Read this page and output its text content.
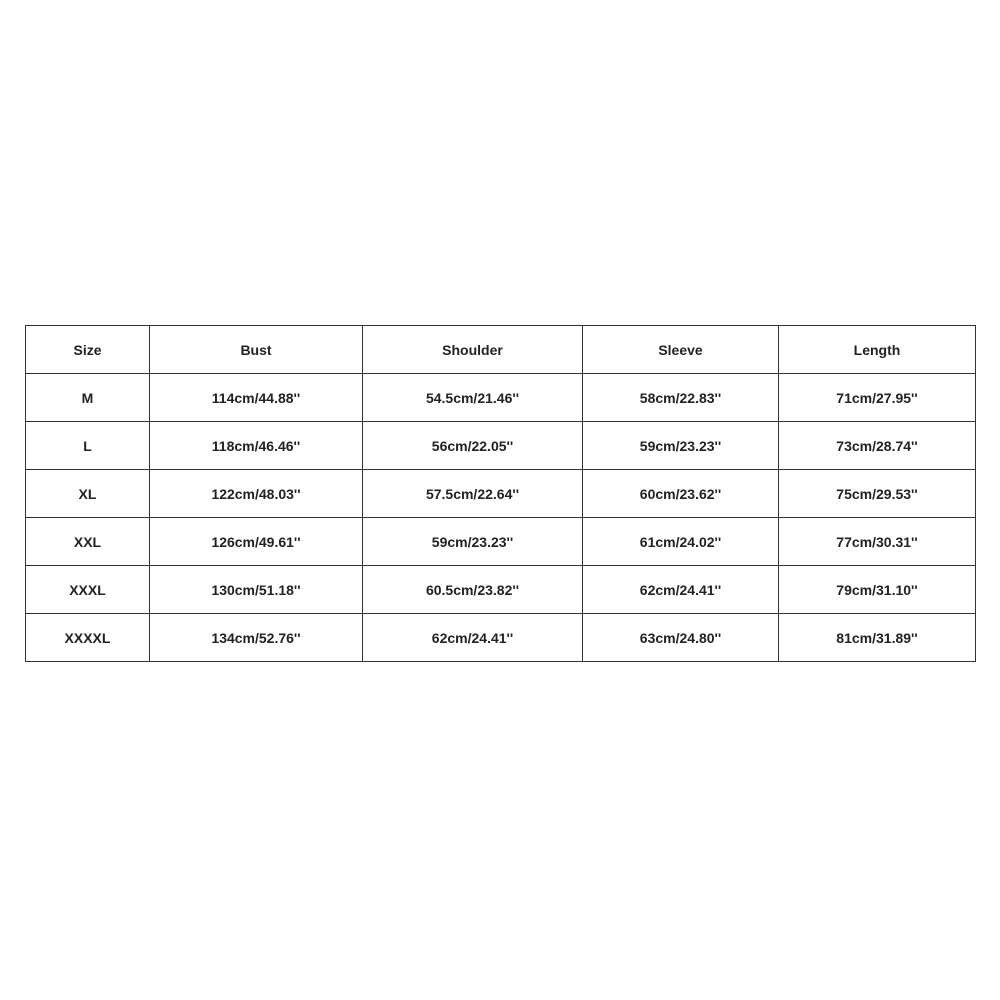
Size	Bust	Shoulder	Sleeve	Length
M	114cm/44.88''	54.5cm/21.46''	58cm/22.83''	71cm/27.95''
L	118cm/46.46''	56cm/22.05''	59cm/23.23''	73cm/28.74''
XL	122cm/48.03''	57.5cm/22.64''	60cm/23.62''	75cm/29.53''
XXL	126cm/49.61''	59cm/23.23''	61cm/24.02''	77cm/30.31''
XXXL	130cm/51.18''	60.5cm/23.82''	62cm/24.41''	79cm/31.10''
XXXXL	134cm/52.76''	62cm/24.41''	63cm/24.80''	81cm/31.89''
